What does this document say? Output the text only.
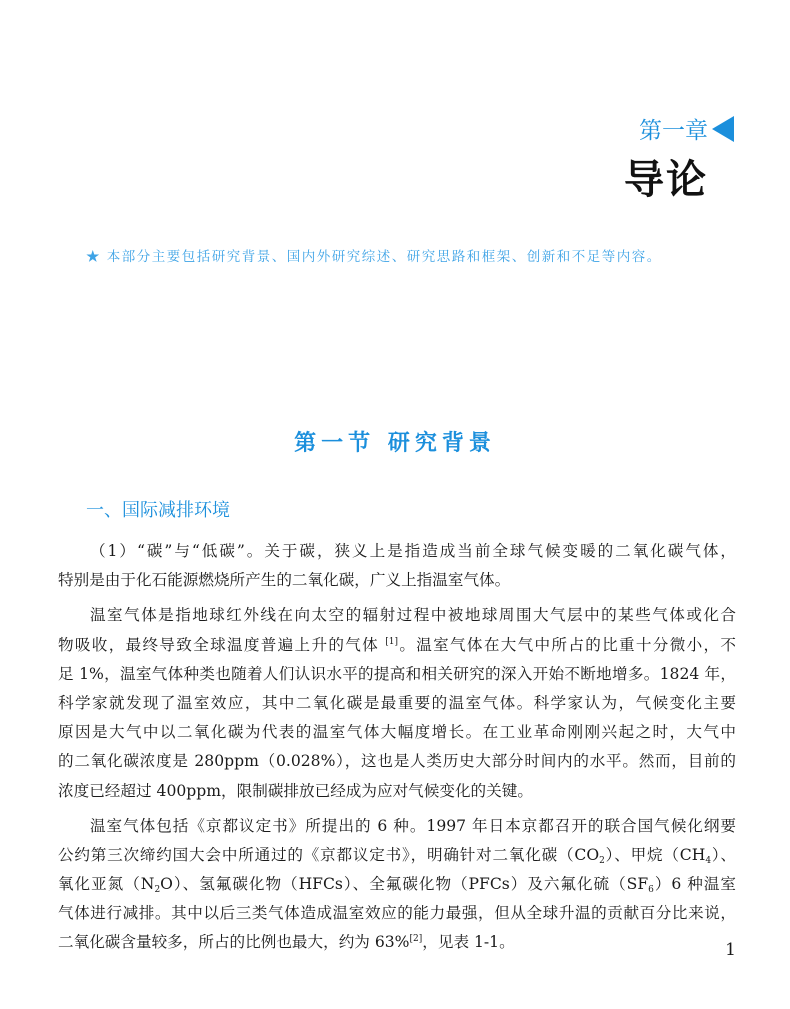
第一章
导论
★ 本部分主要包括研究背景、国内外研究综述、研究思路和框架、创新和不足等内容。
第一节 研究背景
一、国际减排环境
（1）“碳”与“低碳”。关于碳，狭义上是指造成当前全球气候变暖的二氧化碳气体，
特别是由于化石能源燃烧所产生的二氧化碳，广义上指温室气体。
温室气体是指地球红外线在向太空的辐射过程中被地球周围大气层中的某些气体或化合
物吸收，最终导致全球温度普遍上升的气体 [1]。温室气体在大气中所占的比重十分微小，不
足 1%，温室气体种类也随着人们认识水平的提高和相关研究的深入开始不断地增多。1824 年，
科学家就发现了温室效应，其中二氧化碳是最重要的温室气体。科学家认为，气候变化主要
原因是大气中以二氧化碳为代表的温室气体大幅度增长。在工业革命刚刚兴起之时，大气中
的二氧化碳浓度是 280ppm（0.028%），这也是人类历史大部分时间内的水平。然而，目前的
浓度已经超过 400ppm，限制碳排放已经成为应对气候变化的关键。
温室气体包括《京都议定书》所提出的 6 种。1997 年日本京都召开的联合国气候化纲要
公约第三次缔约国大会中所通过的《京都议定书》，明确针对二氧化碳$(CO_2)$、甲烷$(CH_4)$、
氧化亚氮$(N_2O)$、氢氟碳化物（HFCs）、全氟碳化物（PFCs）及六氟化硫$(SF_6)6$ 种温室
气体进行减排。其中以后三类气体造成温室效应的能力最强，但从全球升温的贡献百分比来说，
二氧化碳含量较多，所占的比例也最大，约为 63%[2]，见表 1-1。	1
